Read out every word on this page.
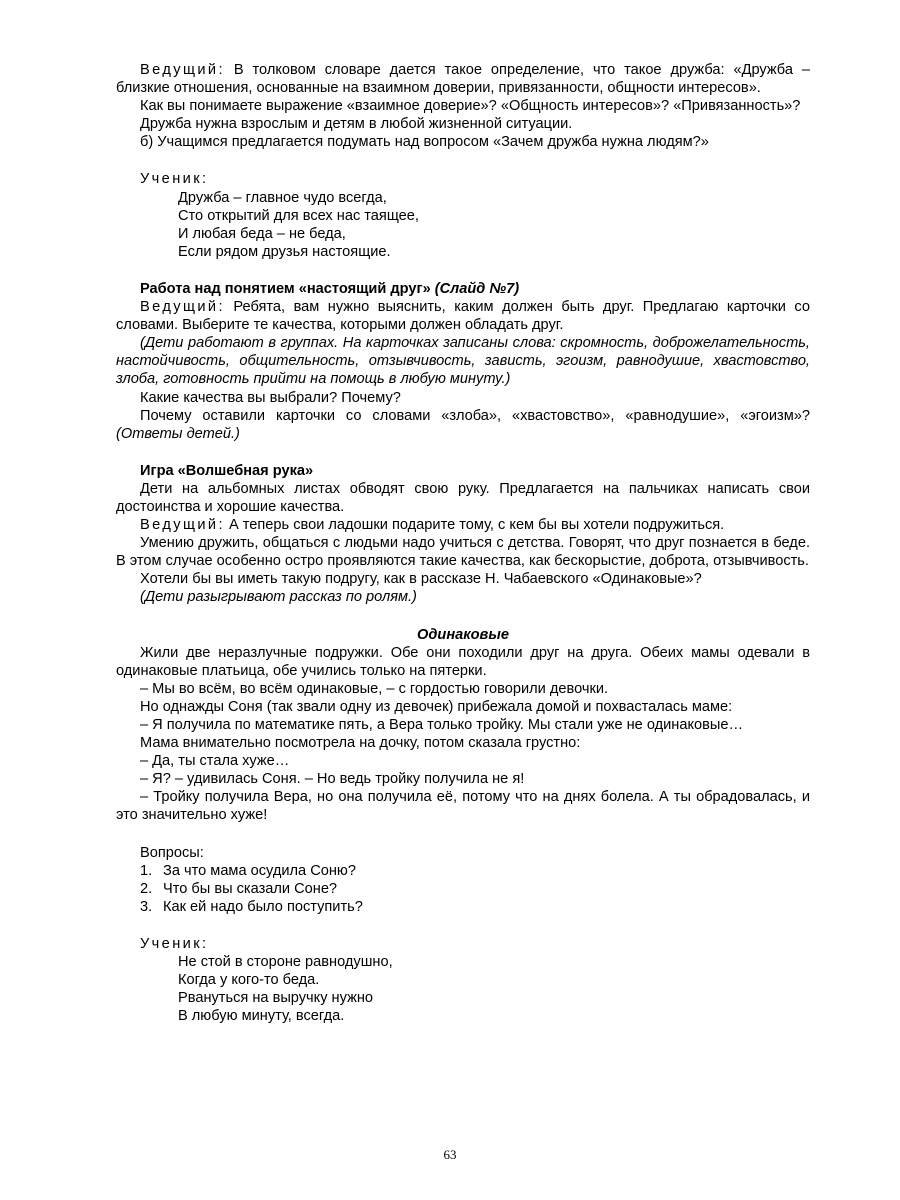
Ведущий: В толковом словаре дается такое определение, что такое дружба: «Дружба – близкие отношения, основанные на взаимном доверии, привязанности, общности интересов».

Как вы понимаете выражение «взаимное доверие»? «Общность интересов»? «Привязанность»?

Дружба нужна взрослым и детям в любой жизненной ситуации.

б) Учащимся предлагается подумать над вопросом «Зачем дружба нужна людям?»

Ученик:

Дружба – главное чудо всегда,
Сто открытий для всех нас таящее,
И любая беда – не беда,
Если рядом друзья настоящие.

Работа над понятием «настоящий друг» (Слайд №7)

Ведущий: Ребята, вам нужно выяснить, каким должен быть друг. Предлагаю карточки со словами. Выберите те качества, которыми должен обладать друг.

(Дети работают в группах. На карточках записаны слова: скромность, доброжелательность, настойчивость, общительность, отзывчивость, зависть, эгоизм, равнодушие, хвастовство, злоба, готовность прийти на помощь в любую минуту.)

Какие качества вы выбрали? Почему?

Почему оставили карточки со словами «злоба», «хвастовство», «равнодушие», «эгоизм»? (Ответы детей.)

Игра «Волшебная рука»

Дети на альбомных листах обводят свою руку. Предлагается на пальчиках написать свои достоинства и хорошие качества.

Ведущий: А теперь свои ладошки подарите тому, с кем бы вы хотели подружиться.

Умению дружить, общаться с людьми надо учиться с детства. Говорят, что друг познается в беде. В этом случае особенно остро проявляются такие качества, как бескорыстие, доброта, отзывчивость.

Хотели бы вы иметь такую подругу, как в рассказе Н. Чабаевского «Одинаковые»?

(Дети разыгрывают рассказ по ролям.)

Одинаковые

Жили две неразлучные подружки. Обе они походили друг на друга. Обеих мамы одевали в одинаковые платьица, обе учились только на пятерки.

– Мы во всём, во всём одинаковые, – с гордостью говорили девочки.

Но однажды Соня (так звали одну из девочек) прибежала домой и похвасталась маме:

– Я получила по математике пять, а Вера только тройку. Мы стали уже не одинаковые…

Мама внимательно посмотрела на дочку, потом сказала грустно:

– Да, ты стала хуже…

– Я? – удивилась Соня. – Но ведь тройку получила не я!

– Тройку получила Вера, но она получила её, потому что на днях болела. А ты обрадовалась, и это значительно хуже!

Вопросы:

1. За что мама осудила Соню?
2. Что бы вы сказали Соне?
3. Как ей надо было поступить?

Ученик:

Не стой в стороне равнодушно,
Когда у кого-то беда.
Рвануться на выручку нужно
В любую минуту, всегда.
63
